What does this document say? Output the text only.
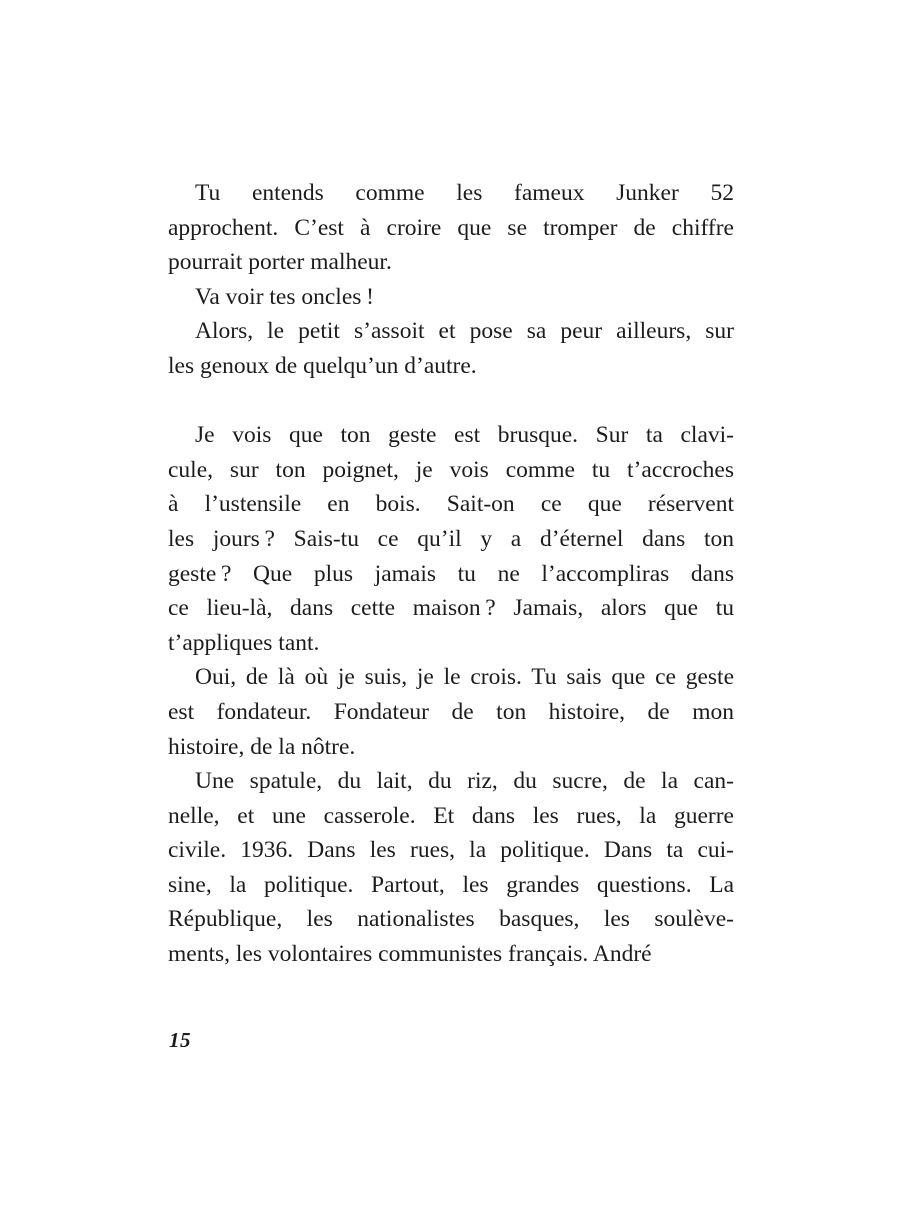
Tu entends comme les fameux Junker 52
approchent. C’est à croire que se tromper de chiffre
pourrait porter malheur.
Va voir tes oncles !
Alors, le petit s’assoit et pose sa peur ailleurs, sur
les genoux de quelqu’un d’autre.
Je vois que ton geste est brusque. Sur ta clavi-
cule, sur ton poignet, je vois comme tu t’accroches
à l’ustensile en bois. Sait-on ce que réservent
les jours ? Sais-tu ce qu’il y a d’éternel dans ton
geste ? Que plus jamais tu ne l’accompliras dans
ce lieu-là, dans cette maison ? Jamais, alors que tu
t’appliques tant.
Oui, de là où je suis, je le crois. Tu sais que ce geste
est fondateur. Fondateur de ton histoire, de mon
histoire, de la nôtre.
Une spatule, du lait, du riz, du sucre, de la can-
nelle, et une casserole. Et dans les rues, la guerre
civile. 1936. Dans les rues, la politique. Dans ta cui-
sine, la politique. Partout, les grandes questions. La
République, les nationalistes basques, les soulève-
ments, les volontaires communistes français. André
15
